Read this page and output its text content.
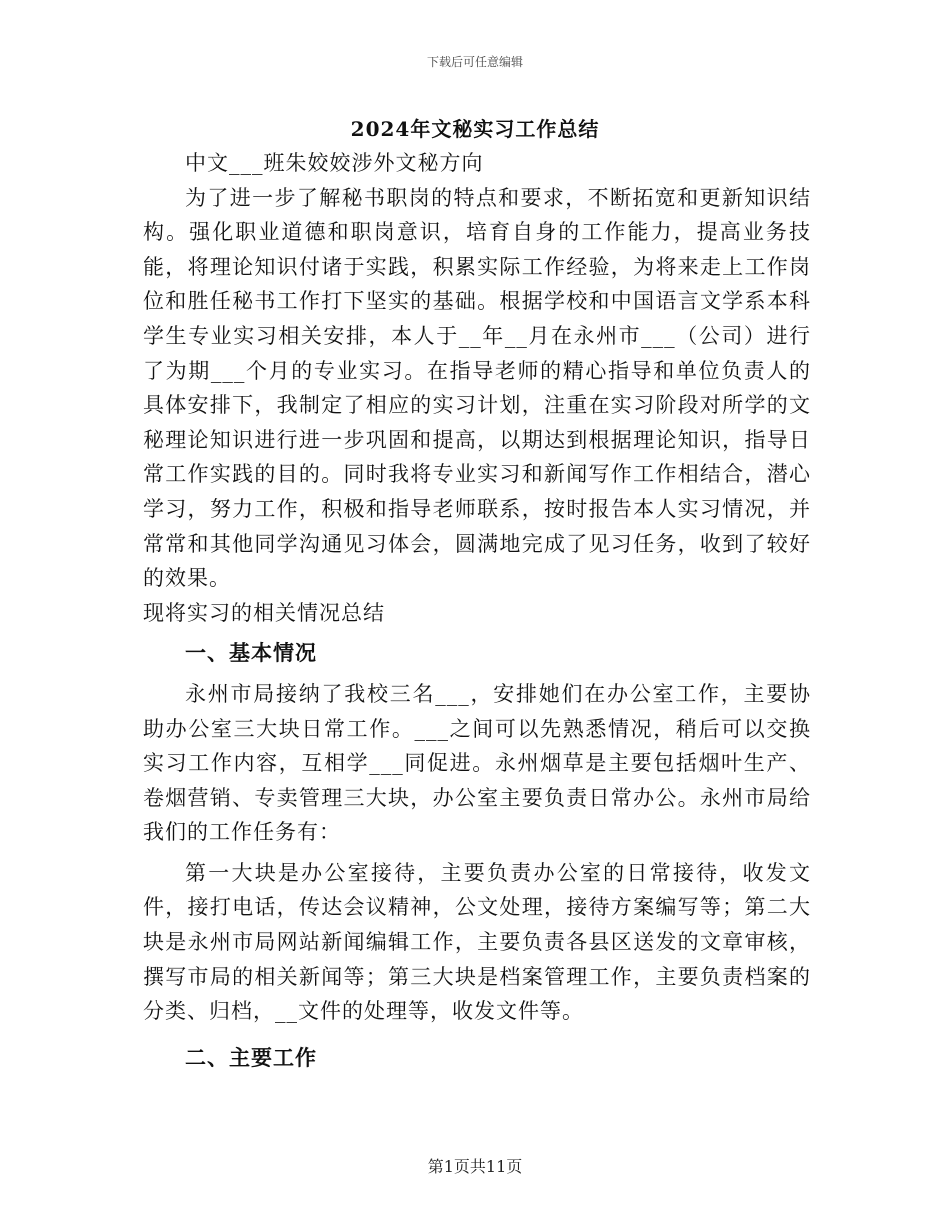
下载后可任意编辑
2024年文秘实习工作总结

中文___班朱姣姣涉外文秘方向

为了进一步了解秘书职岗的特点和要求，不断拓宽和更新知识结构。强化职业道德和职岗意识，培育自身的工作能力，提高业务技能，将理论知识付诸于实践，积累实际工作经验，为将来走上工作岗位和胜任秘书工作打下坚实的基础。根据学校和中国语言文学系本科学生专业实习相关安排，本人于__年__月在永州市___（公司）进行了为期___个月的专业实习。在指导老师的精心指导和单位负责人的具体安排下，我制定了相应的实习计划，注重在实习阶段对所学的文秘理论知识进行进一步巩固和提高，以期达到根据理论知识，指导日常工作实践的目的。同时我将专业实习和新闻写作工作相结合，潜心学习，努力工作，积极和指导老师联系，按时报告本人实习情况，并常常和其他同学沟通见习体会，圆满地完成了见习任务，收到了较好的效果。

现将实习的相关情况总结

一、基本情况

永州市局接纳了我校三名___，安排她们在办公室工作，主要协助办公室三大块日常工作。___之间可以先熟悉情况，稍后可以交换实习工作内容，互相学___同促进。永州烟草是主要包括烟叶生产、卷烟营销、专卖管理三大块，办公室主要负责日常办公。永州市局给我们的工作任务有：

第一大块是办公室接待，主要负责办公室的日常接待，收发文件，接打电话，传达会议精神，公文处理，接待方案编写等；第二大块是永州市局网站新闻编辑工作，主要负责各县区送发的文章审核，撰写市局的相关新闻等；第三大块是档案管理工作，主要负责档案的分类、归档，__文件的处理等，收发文件等。

二、主要工作

第1页共11页
